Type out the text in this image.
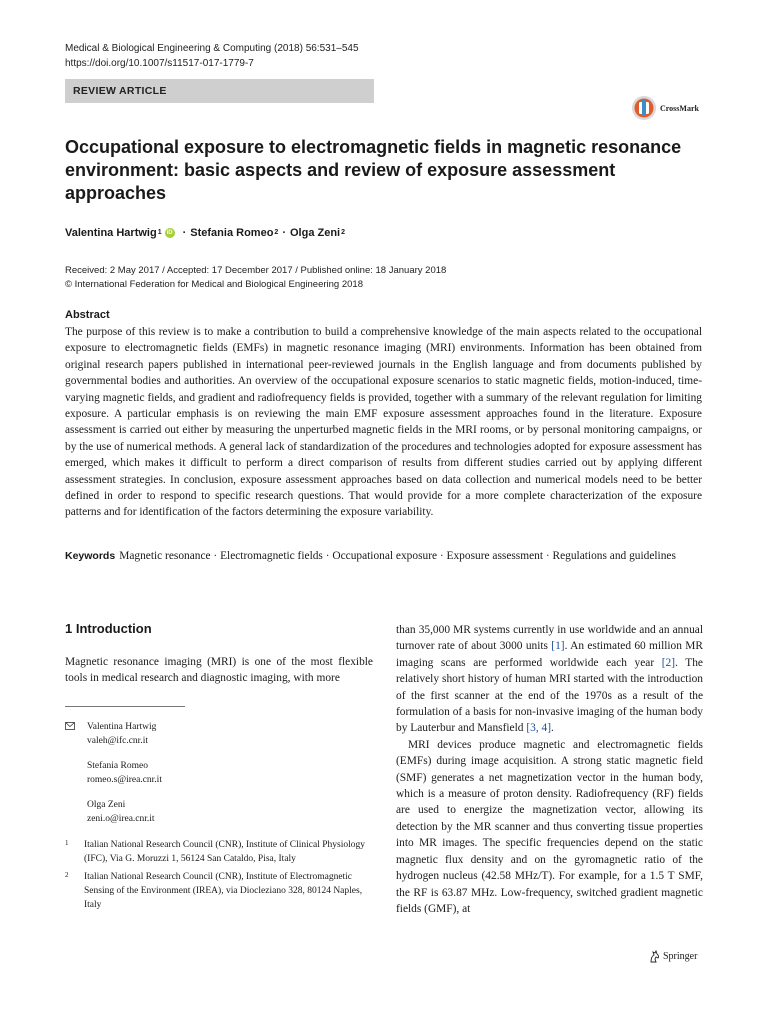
Medical & Biological Engineering & Computing (2018) 56:531–545
https://doi.org/10.1007/s11517-017-1779-7
REVIEW ARTICLE
CrossMark
Occupational exposure to electromagnetic fields in magnetic resonance environment: basic aspects and review of exposure assessment approaches
Valentina Hartwig 1 iD · Stefania Romeo 2 · Olga Zeni 2
Received: 2 May 2017 / Accepted: 17 December 2017 / Published online: 18 January 2018
© International Federation for Medical and Biological Engineering 2018
Abstract
The purpose of this review is to make a contribution to build a comprehensive knowledge of the main aspects related to the occupational exposure to electromagnetic fields (EMFs) in magnetic resonance imaging (MRI) environments. Information has been obtained from original research papers published in international peer-reviewed journals in the English language and from documents published by governmental bodies and authorities. An overview of the occupational exposure scenarios to static magnetic fields, motion-induced, time-varying magnetic fields, and gradient and radiofrequency fields is provided, together with a summary of the relevant regulation for limiting exposure. A particular emphasis is on reviewing the main EMF exposure assessment approaches found in the literature. Exposure assessment is carried out either by measuring the unperturbed magnetic fields in the MRI rooms, or by personal monitoring campaigns, or by the use of numerical methods. A general lack of standardization of the procedures and technologies adopted for exposure assessment has emerged, which makes it difficult to perform a direct comparison of results from different studies carried out by applying different assessment strategies. In conclusion, exposure assessment approaches based on data collection and numerical models need to be better defined in order to respond to specific research questions. That would provide for a more complete characterization of the exposure patterns and for identification of the factors determining the exposure variability.
Keywords Magnetic resonance · Electromagnetic fields · Occupational exposure · Exposure assessment · Regulations and guidelines
1 Introduction
Magnetic resonance imaging (MRI) is one of the most flexible tools in medical research and diagnostic imaging, with more
Valentina Hartwig
valeh@ifc.cnr.it
Stefania Romeo
romeo.s@irea.cnr.it
Olga Zeni
zeni.o@irea.cnr.it
1	Italian National Research Council (CNR), Institute of Clinical Physiology (IFC), Via G. Moruzzi 1, 56124 San Cataldo, Pisa, Italy
2	Italian National Research Council (CNR), Institute of Electromagnetic Sensing of the Environment (IREA), via Diocleziano 328, 80124 Naples, Italy

than 35,000 MR systems currently in use worldwide and an annual turnover rate of about 3000 units [1]. An estimated 60 million MR imaging scans are performed worldwide each year [2]. The relatively short history of human MRI started with the introduction of the first scanner at the end of the 1970s as a result of the formulation of a basis for non-invasive imaging of the human body by Lauterbur and Mansfield [3, 4].

MRI devices produce magnetic and electromagnetic fields (EMFs) during image acquisition. A strong static magnetic field (SMF) generates a net magnetization vector in the human body, which is a measure of proton density. Radiofrequency (RF) fields are used to energize the magnetization vector, allowing its detection by the MR scanner and thus converting tissue properties into MR images. The specific frequencies depend on the static magnetic flux density and on the gyromagnetic ratio of the hydrogen nucleus (42.58 MHz/T). For example, for a 1.5 T SMF, the RF is 63.87 MHz. Low-frequency, switched gradient magnetic fields (GMF), at

Springer
